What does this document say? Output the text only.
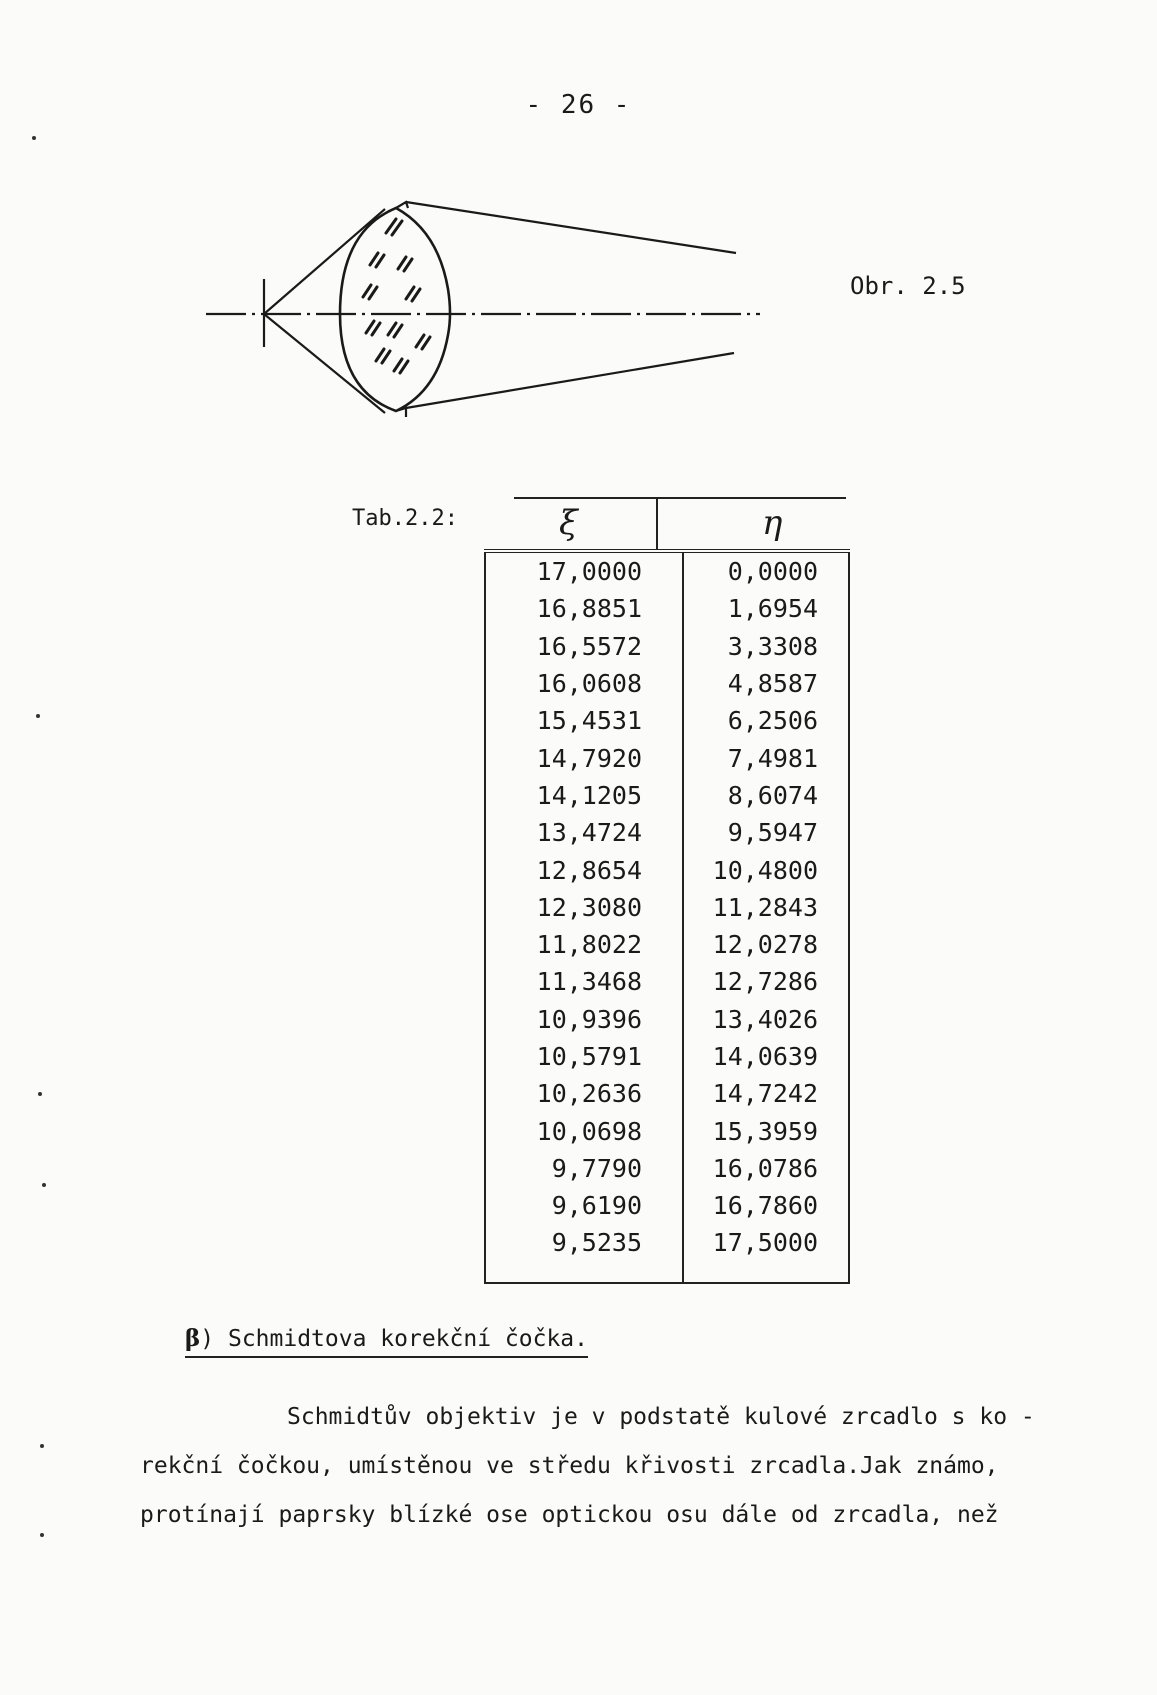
- 26 -
Obr. 2.5
Tab.2.2:	ξ	η
17,0000	0,0000
16,8851	1,6954
16,5572	3,3308
16,0608	4,8587
15,4531	6,2506
14,7920	7,4981
14,1205	8,6074
13,4724	9,5947
12,8654	10,4800
12,3080	11,2843
11,8022	12,0278
11,3468	12,7286
10,9396	13,4026
10,5791	14,0639
10,2636	14,7242
10,0698	15,3959
9,7790	16,0786
9,6190	16,7860
9,5235	17,5000
β) Schmidtova korekční čočka.
Schmidtův objektiv je v podstatě kulové zrcadlo s ko -
rekční čočkou, umístěnou ve středu křivosti zrcadla.Jak známo,
protínají paprsky blízké ose optickou osu dále od zrcadla, než
